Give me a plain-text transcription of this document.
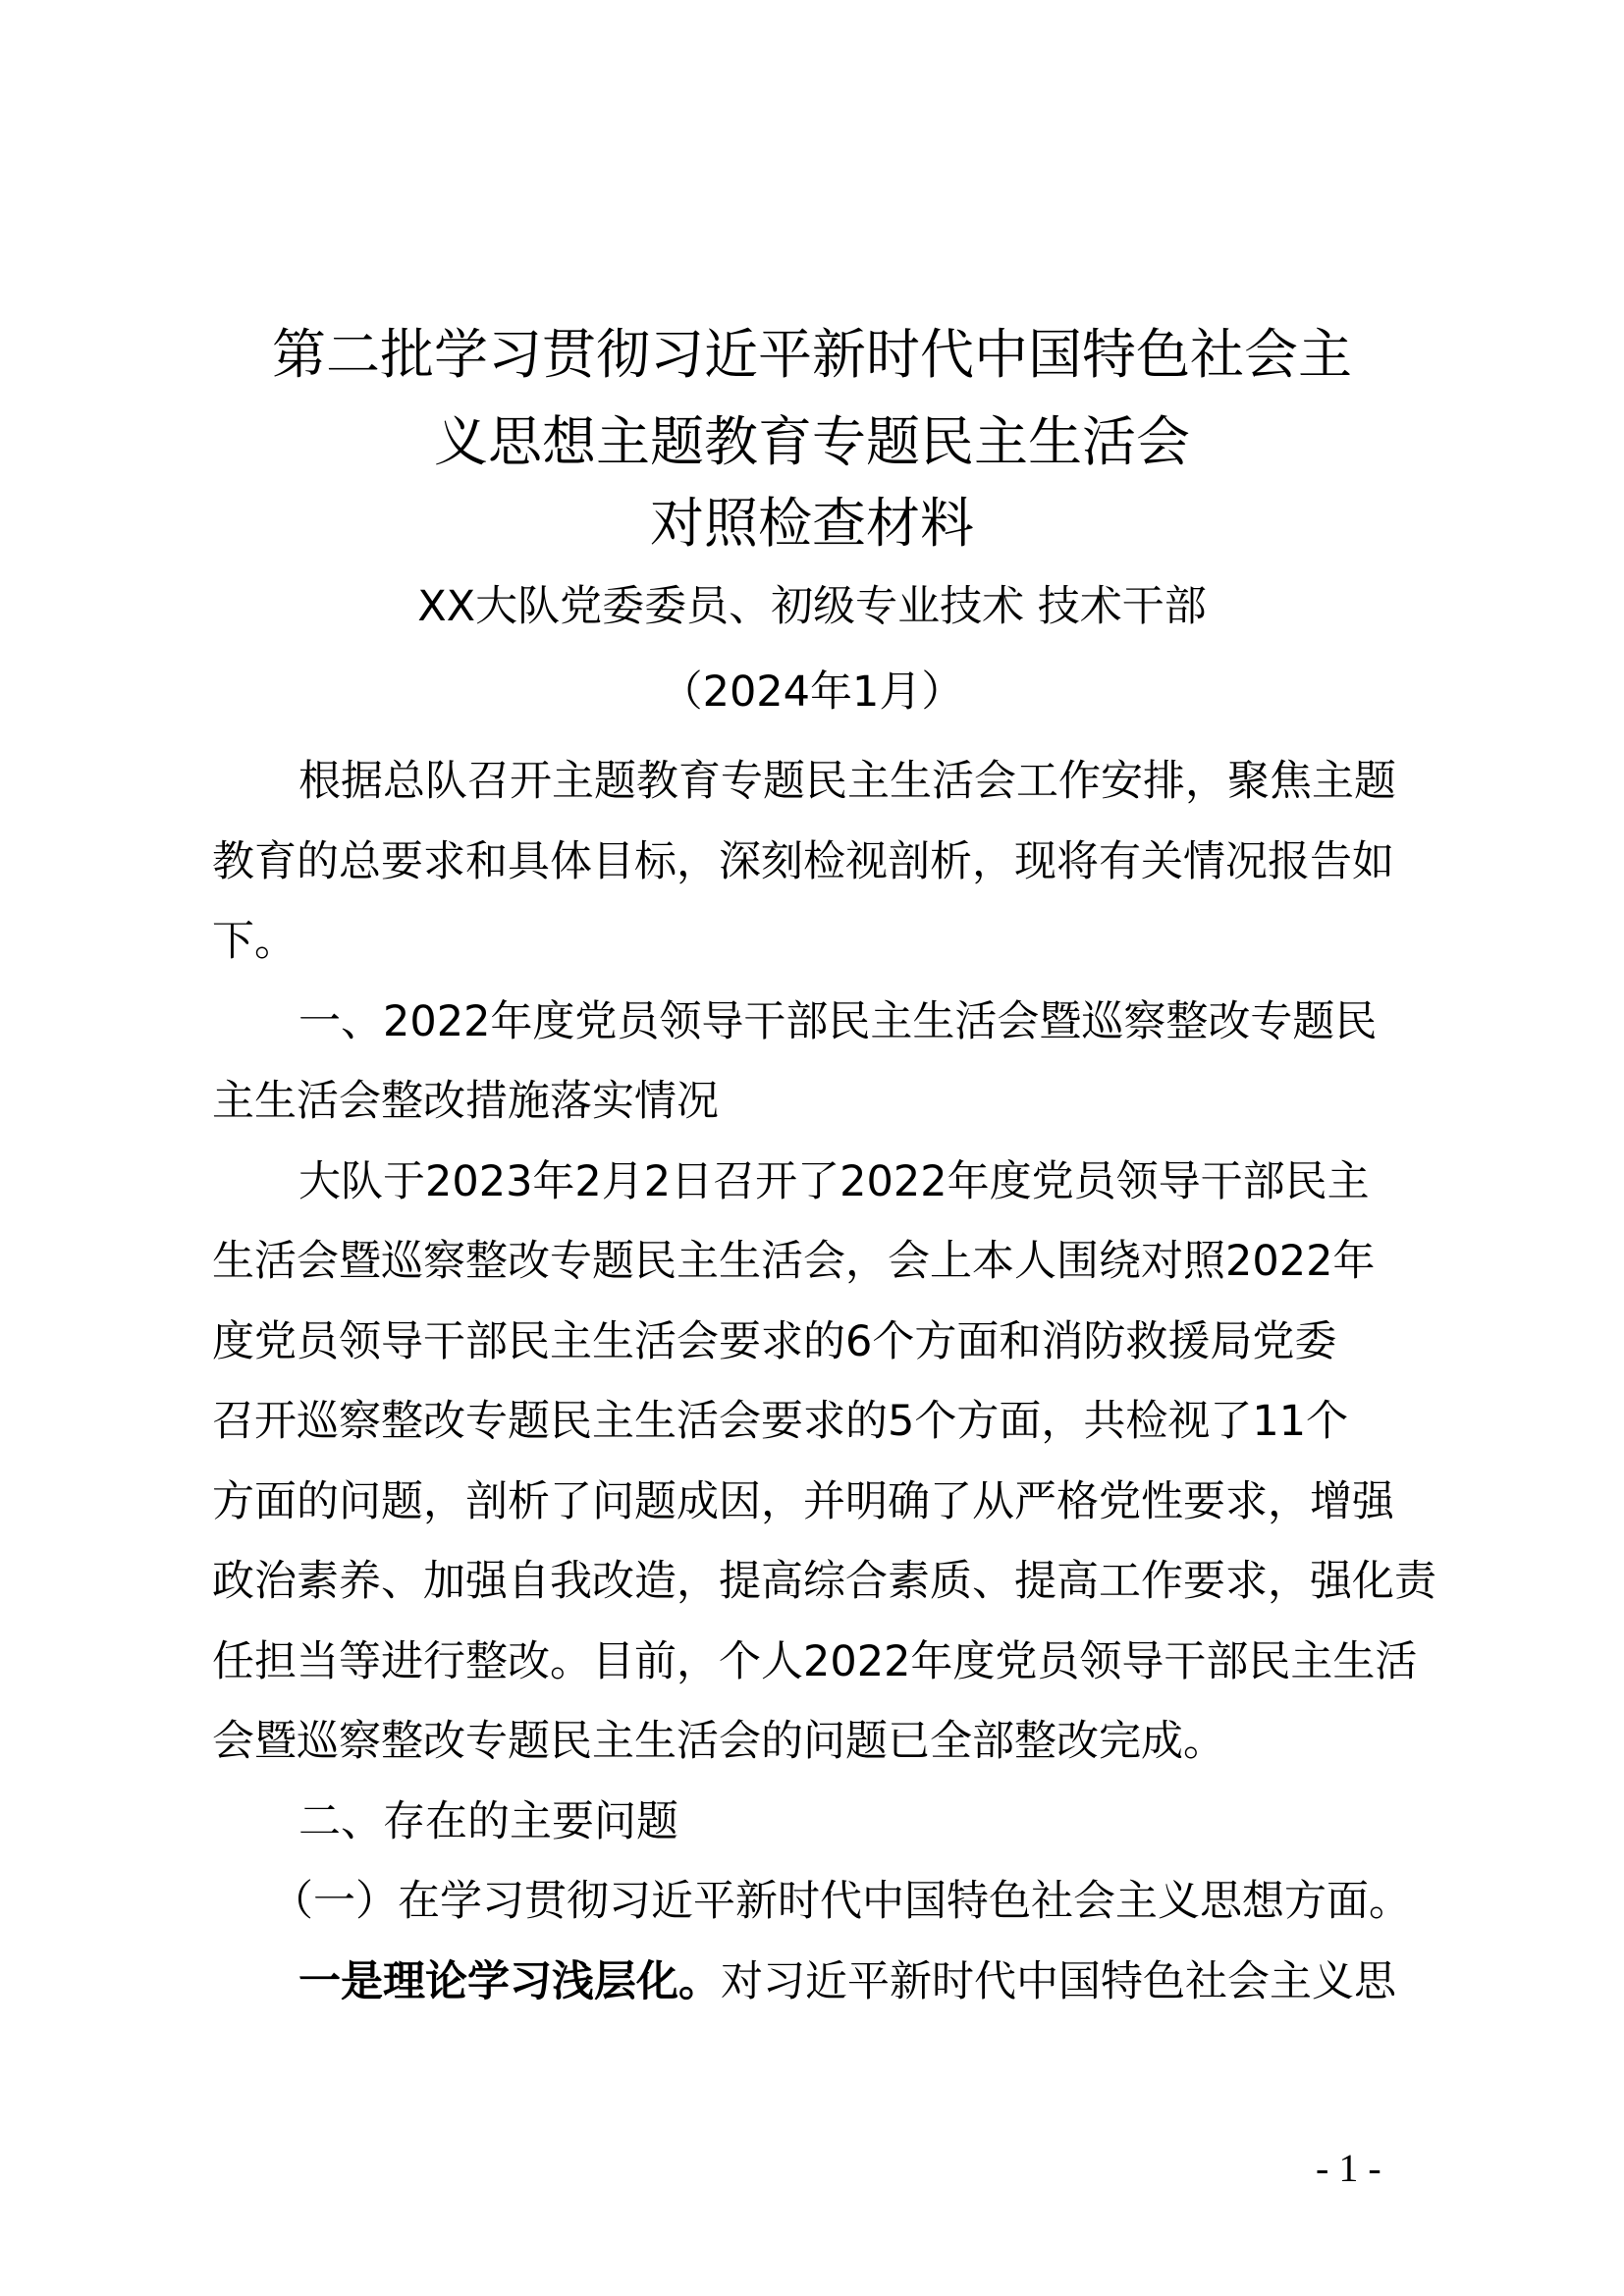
第二批学习贯彻习近平新时代中国特色社会主
义思想主题教育专题民主生活会
对照检查材料
XX大队党委委员、初级专业技术 技术干部
（2024年1月）
根据总队召开主题教育专题民主生活会工作安排，聚焦主题
教育的总要求和具体目标，深刻检视剖析，现将有关情况报告如
下。
一、2022年度党员领导干部民主生活会暨巡察整改专题民
主生活会整改措施落实情况
大队于2023年2月2日召开了2022年度党员领导干部民主
生活会暨巡察整改专题民主生活会，会上本人围绕对照2022年
度党员领导干部民主生活会要求的6个方面和消防救援局党委
召开巡察整改专题民主生活会要求的5个方面，共检视了11个
方面的问题，剖析了问题成因，并明确了从严格党性要求，增强
政治素养、加强自我改造，提高综合素质、提高工作要求，强化责
任担当等进行整改。目前，个人2022年度党员领导干部民主生活
会暨巡察整改专题民主生活会的问题已全部整改完成。
二、存在的主要问题
（一）在学习贯彻习近平新时代中国特色社会主义思想方面。
一是理论学习浅层化。对习近平新时代中国特色社会主义思
- 1 -
